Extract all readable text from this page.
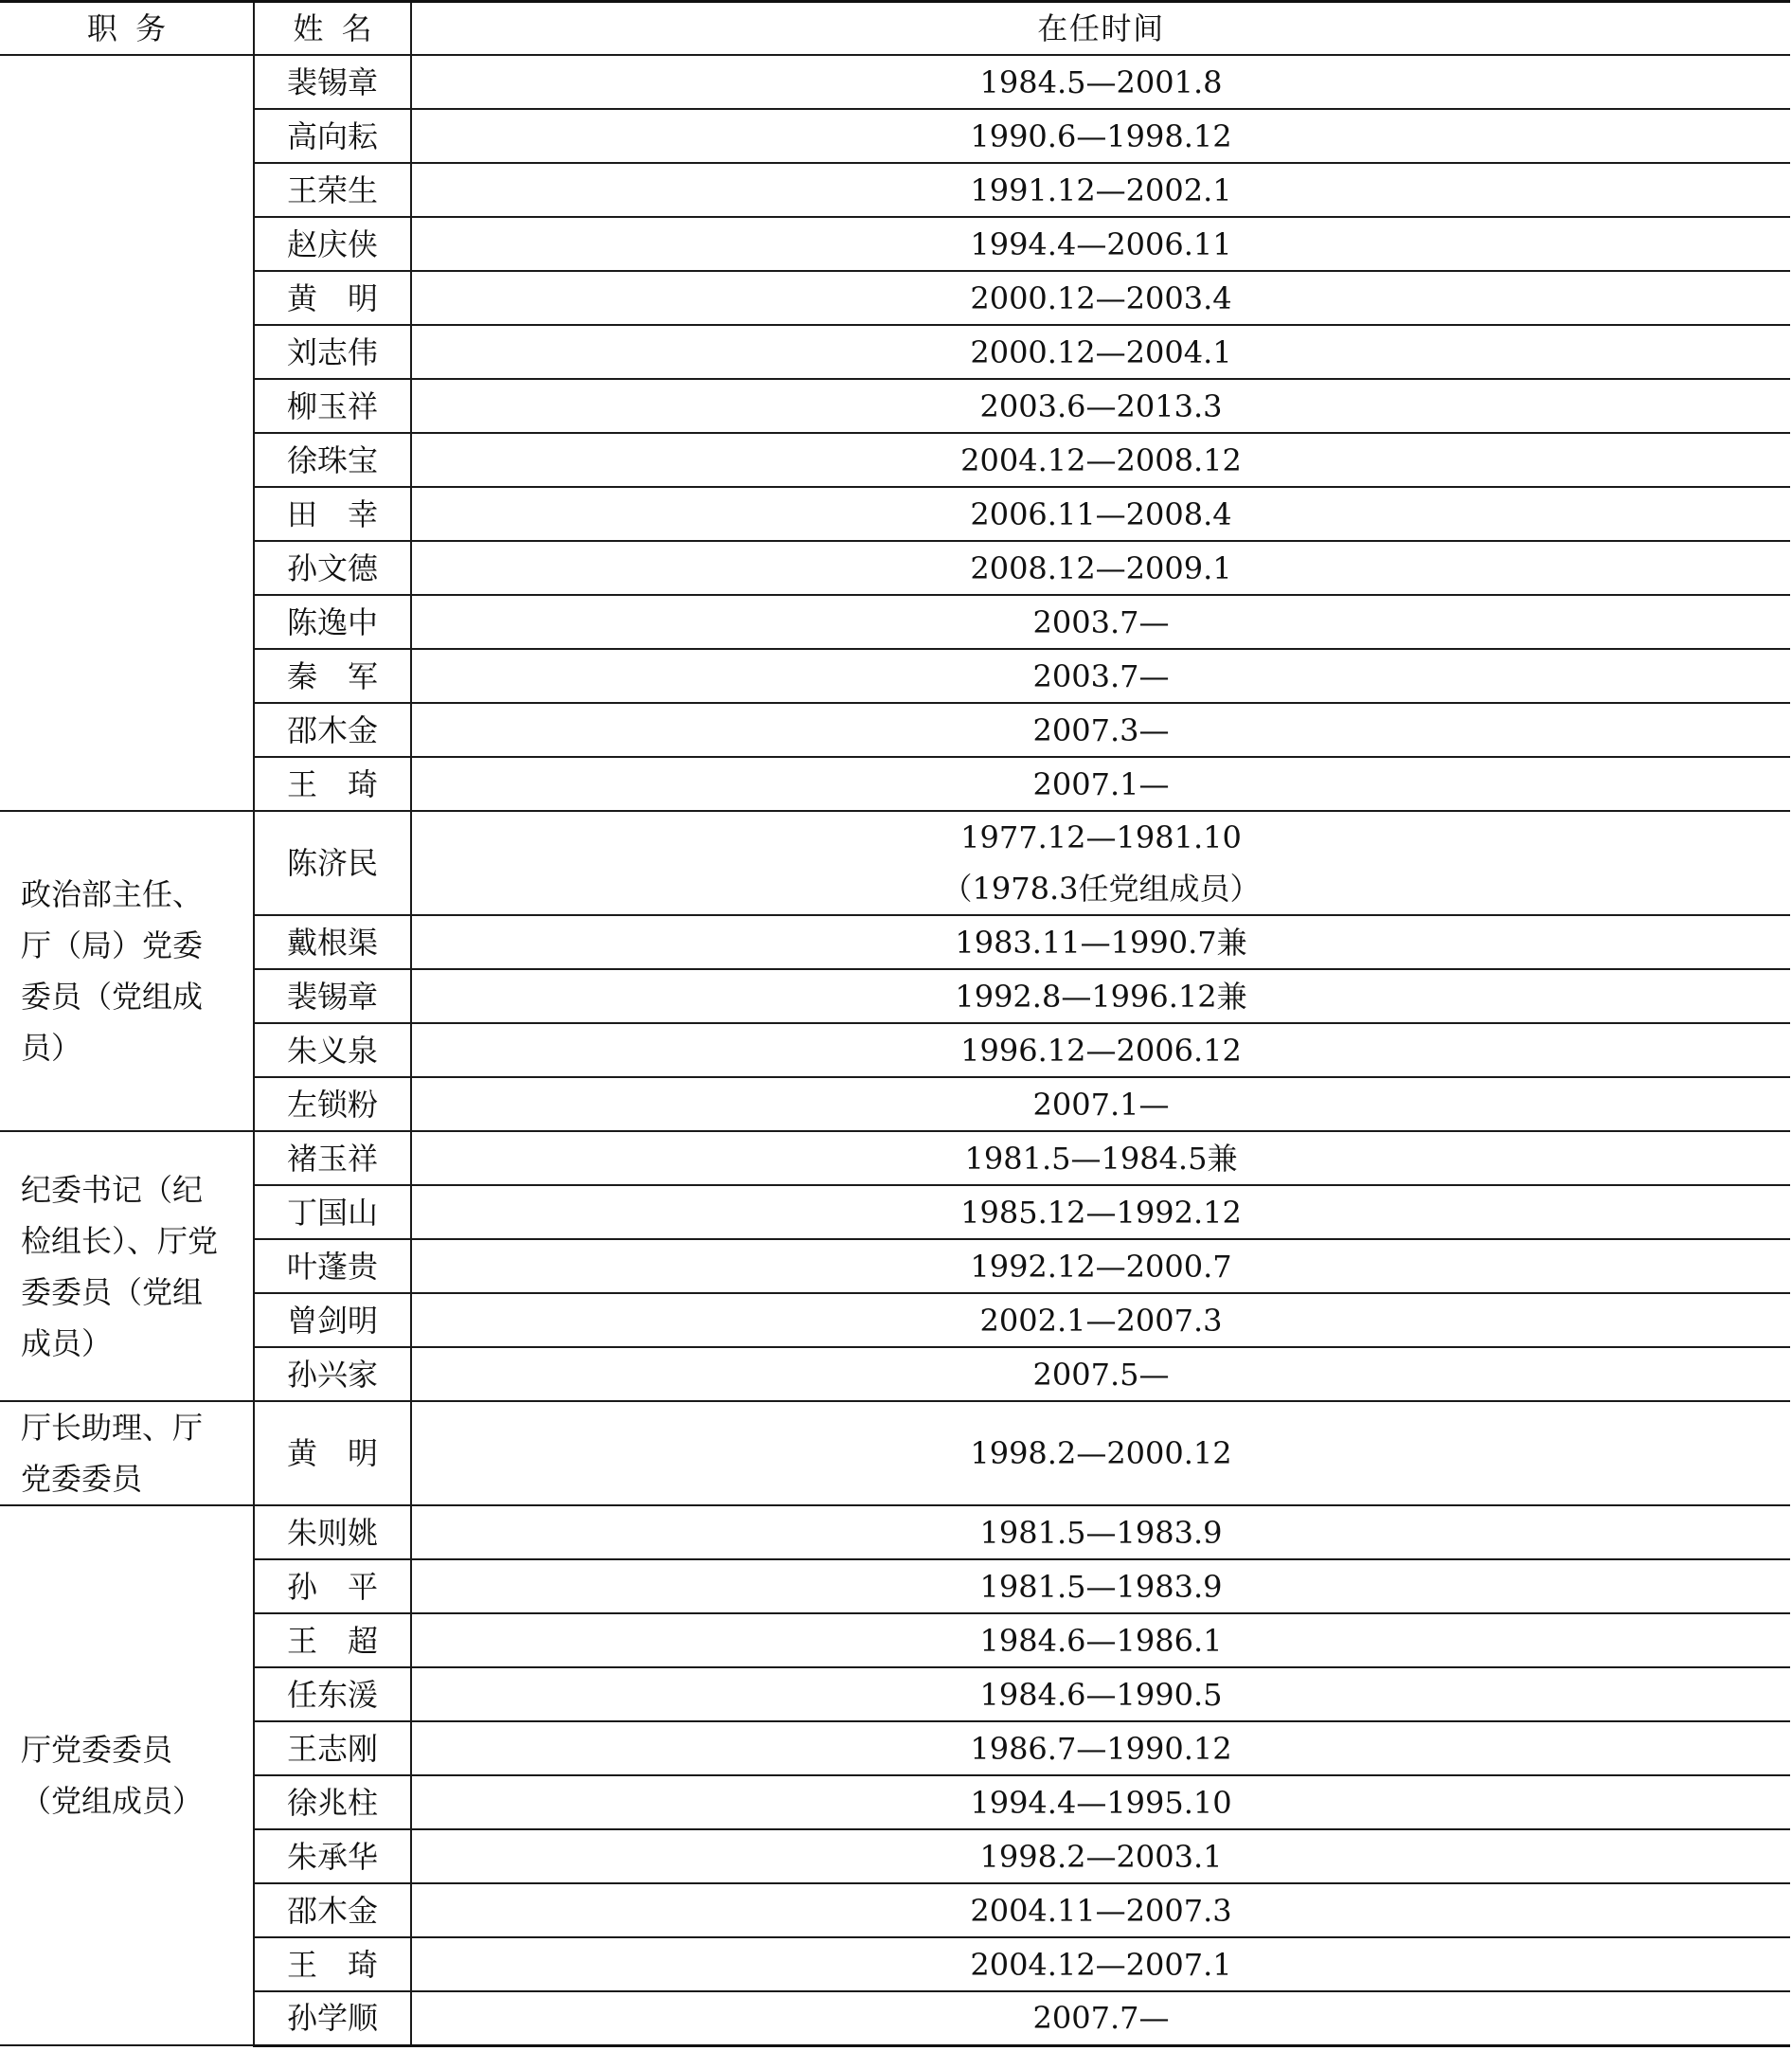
职务	姓名	在任时间
	裴锡章	1984.5—2001.8
	高向耘	1990.6—1998.12
	王荣生	1991.12—2002.1
	赵庆侠	1994.4—2006.11
	黄　明	2000.12—2003.4
	刘志伟	2000.12—2004.1
	柳玉祥	2003.6—2013.3
	徐珠宝	2004.12—2008.12
	田　幸	2006.11—2008.4
	孙文德	2008.12—2009.1
	陈逸中	2003.7—
	秦　军	2003.7—
	邵木金	2007.3—
	王　琦	2007.1—
政治部主任、厅（局）党委委员（党组成员）	陈济民	1977.12—1981.10
（1978.3任党组成员）
	戴根渠	1983.11—1990.7兼
	裴锡章	1992.8—1996.12兼
	朱义泉	1996.12—2006.12
	左锁粉	2007.1—
纪委书记（纪检组长）、厅党委委员（党组成员）	褚玉祥	1981.5—1984.5兼
	丁国山	1985.12—1992.12
	叶蓬贵	1992.12—2000.7
	曾剑明	2002.1—2007.3
	孙兴家	2007.5—
厅长助理、厅党委委员	黄　明	1998.2—2000.12
厅党委委员（党组成员）	朱则姚	1981.5—1983.9
	孙　平	1981.5—1983.9
	王　超	1984.6—1986.1
	任东湲	1984.6—1990.5
	王志刚	1986.7—1990.12
	徐兆柱	1994.4—1995.10
	朱承华	1998.2—2003.1
	邵木金	2004.11—2007.3
	王　琦	2004.12—2007.1
	孙学顺	2007.7—
